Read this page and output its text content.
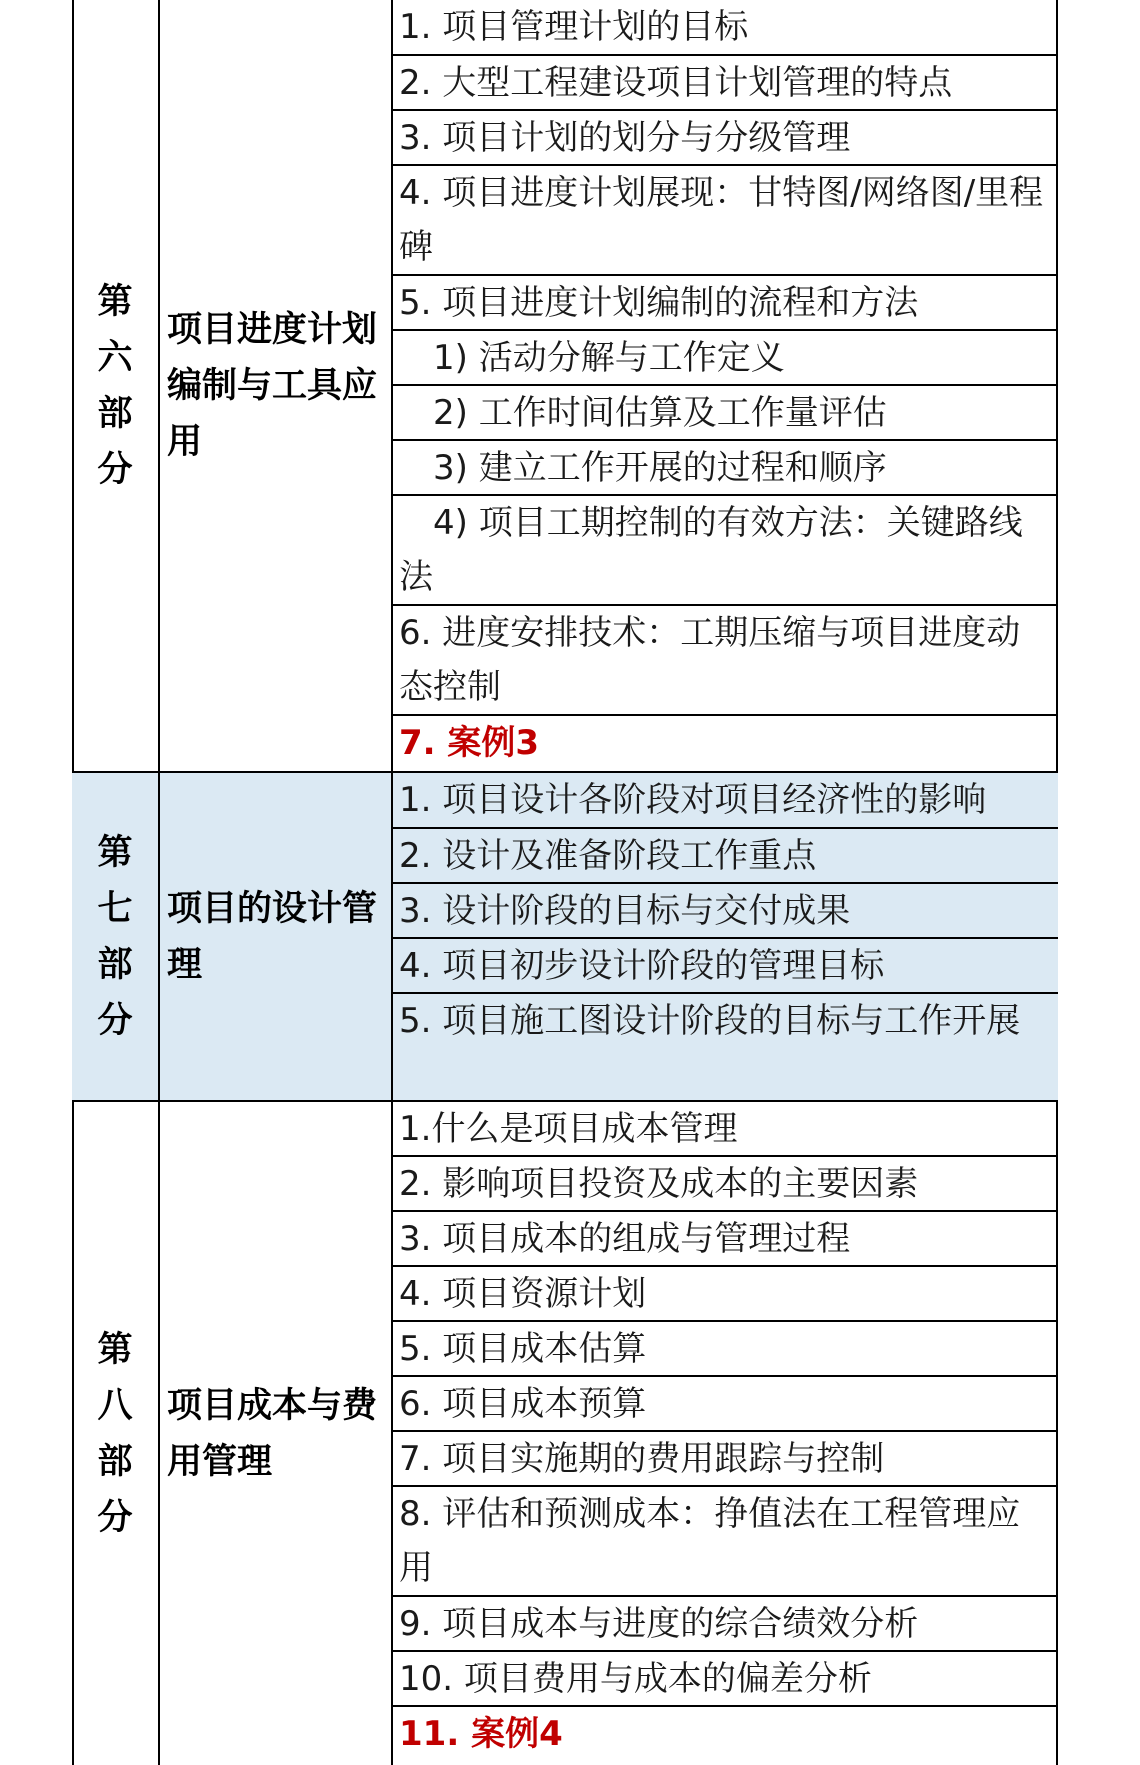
第六部分
项目进度计划编制与工具应用
1. 项目管理计划的目标
2. 大型工程建设项目计划管理的特点
3. 项目计划的划分与分级管理
4. 项目进度计划展现：甘特图/网络图/里程碑
5. 项目进度计划编制的流程和方法
1) 活动分解与工作定义
2) 工作时间估算及工作量评估
3) 建立工作开展的过程和顺序
4) 项目工期控制的有效方法：关键路线法
6. 进度安排技术：工期压缩与项目进度动态控制
7. 案例3
第七部分
项目的设计管理
1. 项目设计各阶段对项目经济性的影响
2. 设计及准备阶段工作重点
3. 设计阶段的目标与交付成果
4. 项目初步设计阶段的管理目标
5. 项目施工图设计阶段的目标与工作开展
第八部分
项目成本与费用管理
1.什么是项目成本管理
2. 影响项目投资及成本的主要因素
3. 项目成本的组成与管理过程
4. 项目资源计划
5. 项目成本估算
6. 项目成本预算
7. 项目实施期的费用跟踪与控制
8. 评估和预测成本：挣值法在工程管理应用
9. 项目成本与进度的综合绩效分析
10. 项目费用与成本的偏差分析
11. 案例4
